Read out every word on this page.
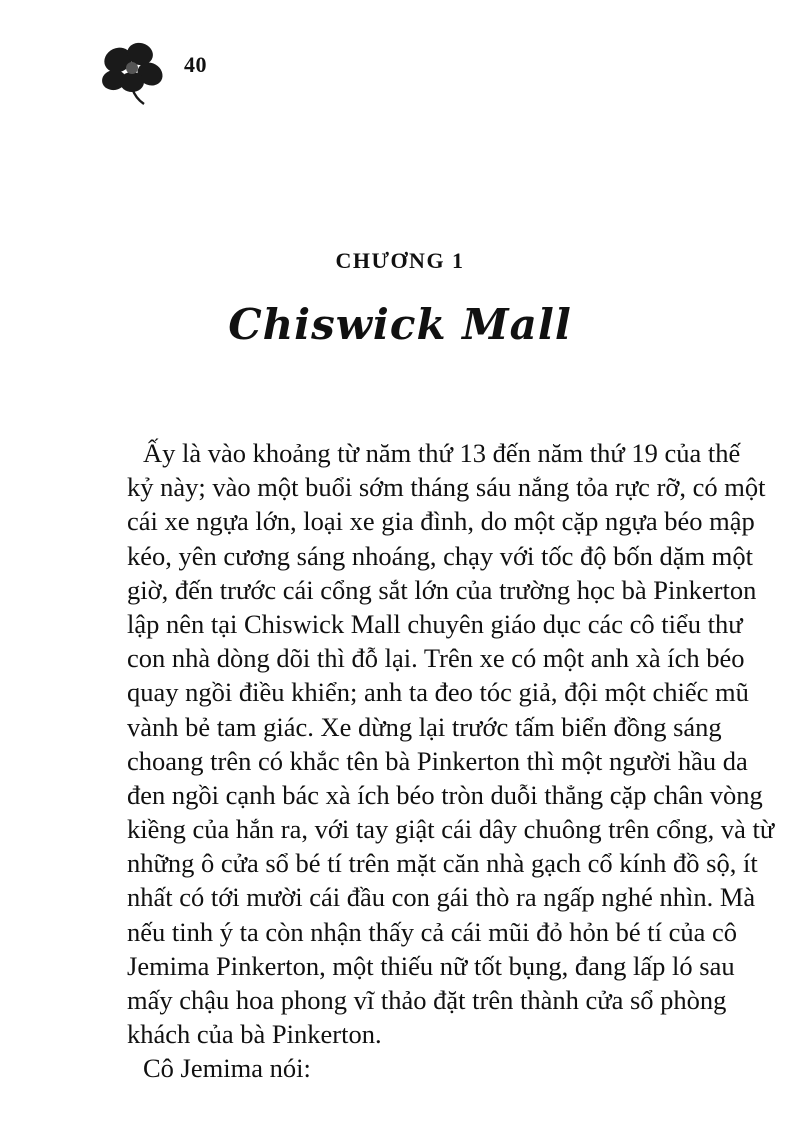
40
CHƯƠNG 1
Chiswick Mall
Ấy là vào khoảng từ năm thứ 13 đến năm thứ 19 của thế
kỷ này; vào một buổi sớm tháng sáu nắng tỏa rực rỡ, có một
cái xe ngựa lớn, loại xe gia đình, do một cặp ngựa béo mập
kéo, yên cương sáng nhoáng, chạy với tốc độ bốn dặm một
giờ, đến trước cái cổng sắt lớn của trường học bà Pinkerton
lập nên tại Chiswick Mall chuyên giáo dục các cô tiểu thư
con nhà dòng dõi thì đỗ lại. Trên xe có một anh xà ích béo
quay ngồi điều khiển; anh ta đeo tóc giả, đội một chiếc mũ
vành bẻ tam giác. Xe dừng lại trước tấm biển đồng sáng
choang trên có khắc tên bà Pinkerton thì một người hầu da
đen ngồi cạnh bác xà ích béo tròn duỗi thẳng cặp chân vòng
kiềng của hắn ra, với tay giật cái dây chuông trên cổng, và từ
những ô cửa sổ bé tí trên mặt căn nhà gạch cổ kính đồ sộ, ít
nhất có tới mười cái đầu con gái thò ra ngấp nghé nhìn. Mà
nếu tinh ý ta còn nhận thấy cả cái mũi đỏ hỏn bé tí của cô
Jemima Pinkerton, một thiếu nữ tốt bụng, đang lấp ló sau
mấy chậu hoa phong vĩ thảo đặt trên thành cửa sổ phòng
khách của bà Pinkerton.
Cô Jemima nói:
